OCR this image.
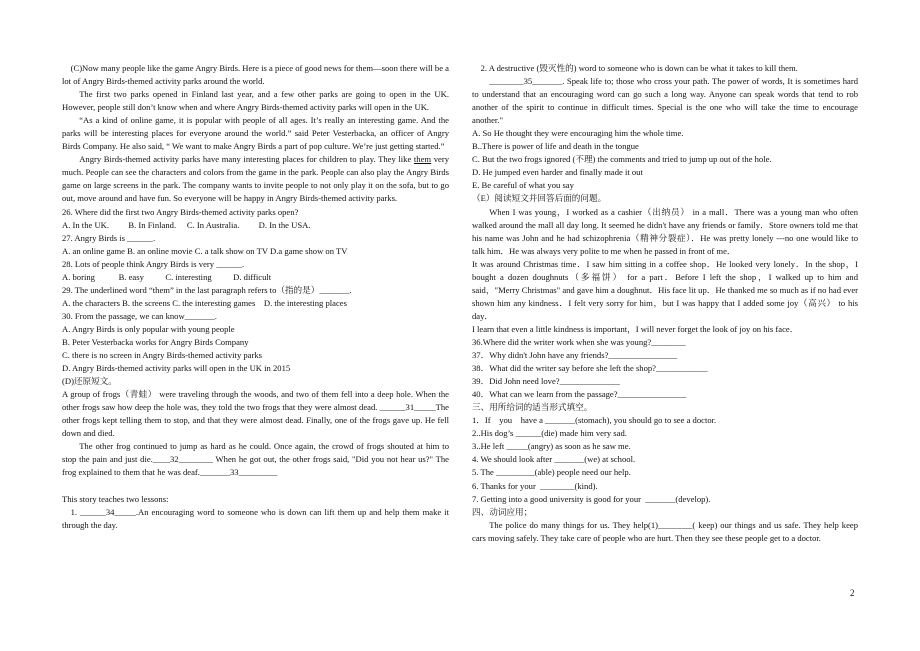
(C)Now many people like the game Angry Birds. Here is a piece of good news for them—soon there will be a lot of Angry Birds-themed activity parks around the world.

The first two parks opened in Finland last year, and a few other parks are going to open in the UK. However, people still don’t know when and where Angry Birds-themed activity parks will open in the UK.

“As a kind of online game, it is popular with people of all ages. It’s really an interesting game. And the parks will be interesting places for everyone around the world.” said Peter Vesterbacka, an officer of Angry Birds Company. He also said, “ We want to make Angry Birds a part of pop culture. We’re just getting started.”

Angry Birds-themed activity parks have many interesting places for children to play. They like them very much. People can see the characters and colors from the game in the park. People can also play the Angry Birds game on large screens in the park. The company wants to invite people to not only play it on the sofa, but to go out, move around and have fun. So everyone will be happy in Angry Birds-themed activity parks.

26. Where did the first two Angry Birds-themed activity parks open?

A. In the UK.         B. In Finland.     C. In Australia.         D. In the USA.

27. Angry Birds is ______.

A. an online game B. an online movie C. a talk show on TV D.a game show on TV

28. Lots of people think Angry Birds is very ______.

A. boring           B. easy          C. interesting          D. difficult

29. The underlined word “them” in the last paragraph refers to（指的是）_______.

A. the characters B. the screens C. the interesting games    D. the interesting places

30. From the passage, we can know_______.

A. Angry Birds is only popular with young people

B. Peter Vesterbacka works for Angry Birds Company

C. there is no screen in Angry Birds-themed activity parks

D. Angry Birds-themed activity parks will open in the UK in 2015

(D)还原短文。

A group of frogs（青蛙） were traveling through the woods, and two of them fell into a deep hole. When the other frogs saw how deep the hole was, they told the two frogs that they were almost dead. ______31_____The other frogs kept telling them to stop, and that they were almost dead. Finally, one of the frogs gave up. He fell down and died.

The other frog continued to jump as hard as he could. Once again, the crowd of frogs shouted at him to stop the pain and just die.____32________ When he got out, the other frogs said, "Did you not hear us?" The frog explained to them that he was deaf._______33_________

This story teaches two lessons:

1. ______34_____.An encouraging word to someone who is down can lift them up and help them make it through the day.

2. A destructive (毁灭性的) word to someone who is down can be what it takes to kill them.

________35_______. Speak life to; those who cross your path. The power of words, It is sometimes hard to understand that an encouraging word can go such a long way. Anyone can speak words that tend to rob another of the spirit to continue in difficult times. Special is the one who will take the time to encourage another."

A. So He thought they were encouraging him the whole time.

B..There is power of life and death in the tongue

C. But the two frogs ignored (不理) the comments and tried to jump up out of the hole.

D. He jumped even harder and finally made it out

E. Be careful of what you say

（E）阅读短文并回答后面的问题。

When I was young，I worked as a cashier（出纳员） in a mall．There was a young man who often walked around the mall all day long. It seemed he didn't have any friends or family．Store owners told me that his name was John and he had schizophrenia（精神分裂症）．He was pretty lonely ---no one would like to talk him．He was always very polite to me when he passed in front of me．

It was around Christmas time．I saw him sitting in a coffee shop．He looked very lonely．In the shop，I bought a dozen doughnuts（多福饼） for a part．Before I left the shop，I walked up to him and said，"Merry Christmas" and gave him a doughnut．His face lit up．He thanked me so much as if no had ever shown him any kindness．I felt very sorry for him，but I was happy that I added some joy（高兴） to his day．

I learn that even a little kindness is important，I will never forget the look of joy on his face．

36.Where did the writer work when she was young?________

37．Why didn't John have any friends?________________

38．What did the writer say before she left the shop?____________

39．Did John need love?______________

40．What can we learn from the passage?________________

三、用所给词的适当形式填空。

1．If    you    have a _______(stomach), you should go to see a doctor.

2..His dog’s ______(die) made him very sad.

3..He left _____(angry) as soon as he saw me.

4. We should look after _______(we) at school.

5. The _________(able) people need our help.

6. Thanks for your  ________(kind).

7. Getting into a good university is good for your  _______(develop).

四、动词应用；

The police do many things for us. They help(1)________( keep) our things and us safe. They help keep cars moving safely. They take care of people who are hurt. Then they see these people get to a doctor.

2
